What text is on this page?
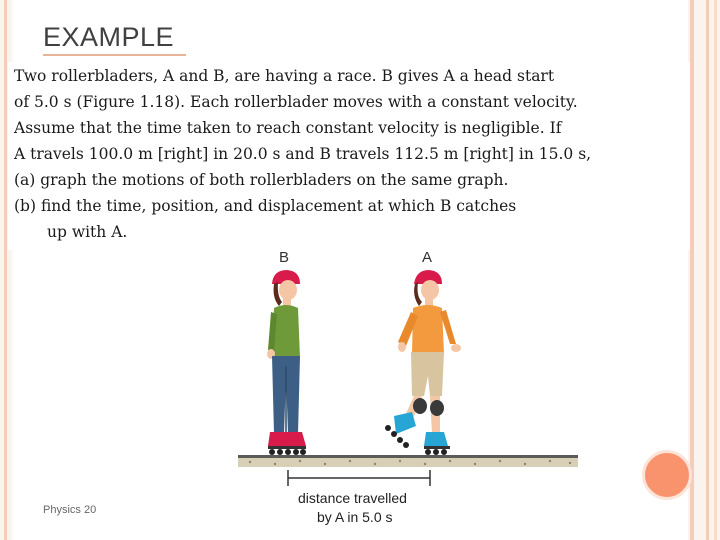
EXAMPLE
Two rollerbladers, A and B, are having a race. B gives A a head start
of 5.0 s (Figure 1.18). Each rollerblader moves with a constant velocity.
Assume that the time taken to reach constant velocity is negligible. If
A travels 100.0 m [right] in 20.0 s and B travels 112.5 m [right] in 15.0 s,
(a) graph the motions of both rollerbladers on the same graph.
(b) find the time, position, and displacement at which B catches
up with A.
B	A
distance travelled
by A in 5.0 s
Physics 20
